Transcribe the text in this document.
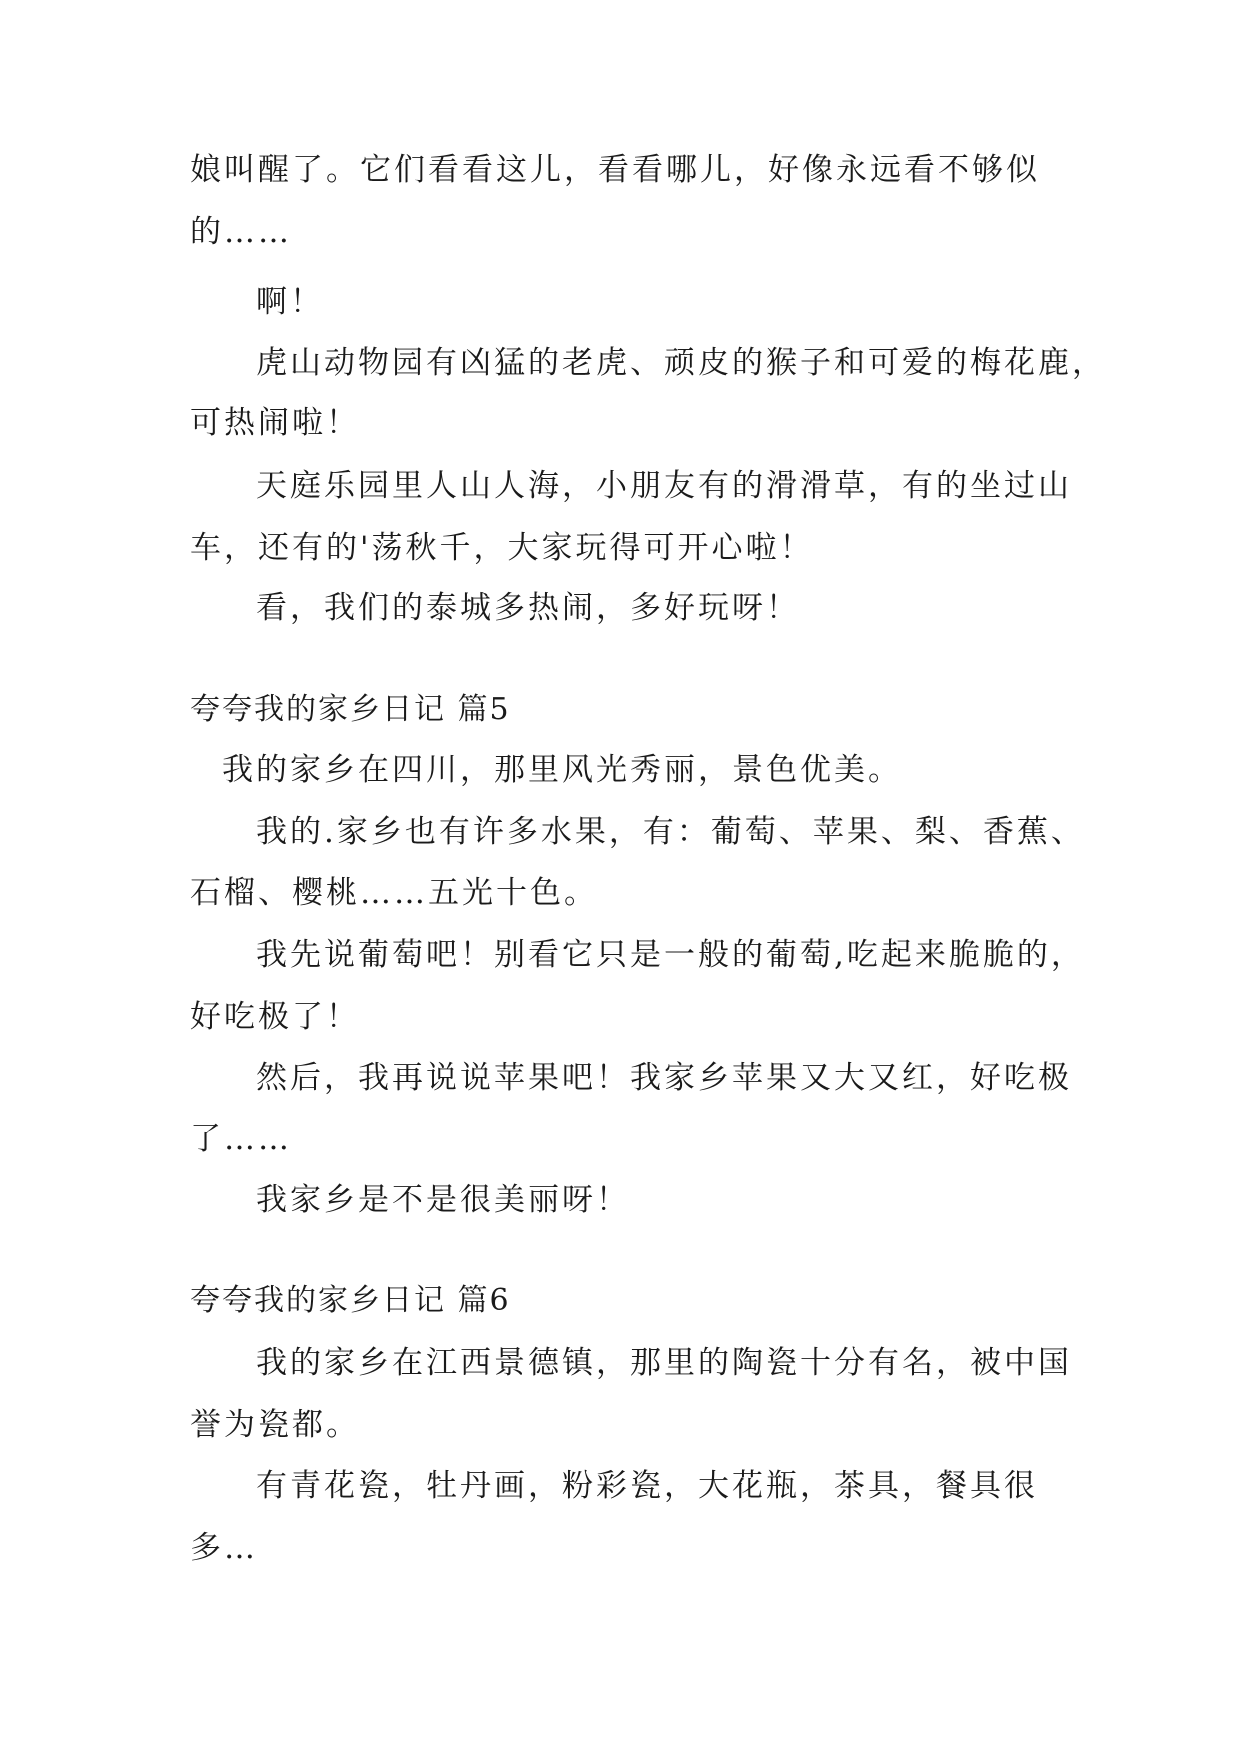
娘叫醒了。它们看看这儿，看看哪儿，好像永远看不够似
的……
啊！
虎山动物园有凶猛的老虎、顽皮的猴子和可爱的梅花鹿，
可热闹啦！
天庭乐园里人山人海，小朋友有的滑滑草，有的坐过山
车，还有的'荡秋千，大家玩得可开心啦！
看，我们的泰城多热闹，多好玩呀！
夸夸我的家乡日记 篇5
我的家乡在四川，那里风光秀丽，景色优美。
我的.家乡也有许多水果，有：葡萄、苹果、梨、香蕉、
石榴、樱桃……五光十色。
我先说葡萄吧！别看它只是一般的葡萄,吃起来脆脆的，
好吃极了！
然后，我再说说苹果吧！我家乡苹果又大又红，好吃极
了……
我家乡是不是很美丽呀！
夸夸我的家乡日记 篇6
我的家乡在江西景德镇，那里的陶瓷十分有名，被中国
誉为瓷都。
有青花瓷，牡丹画，粉彩瓷，大花瓶，茶具，餐具很
多…
